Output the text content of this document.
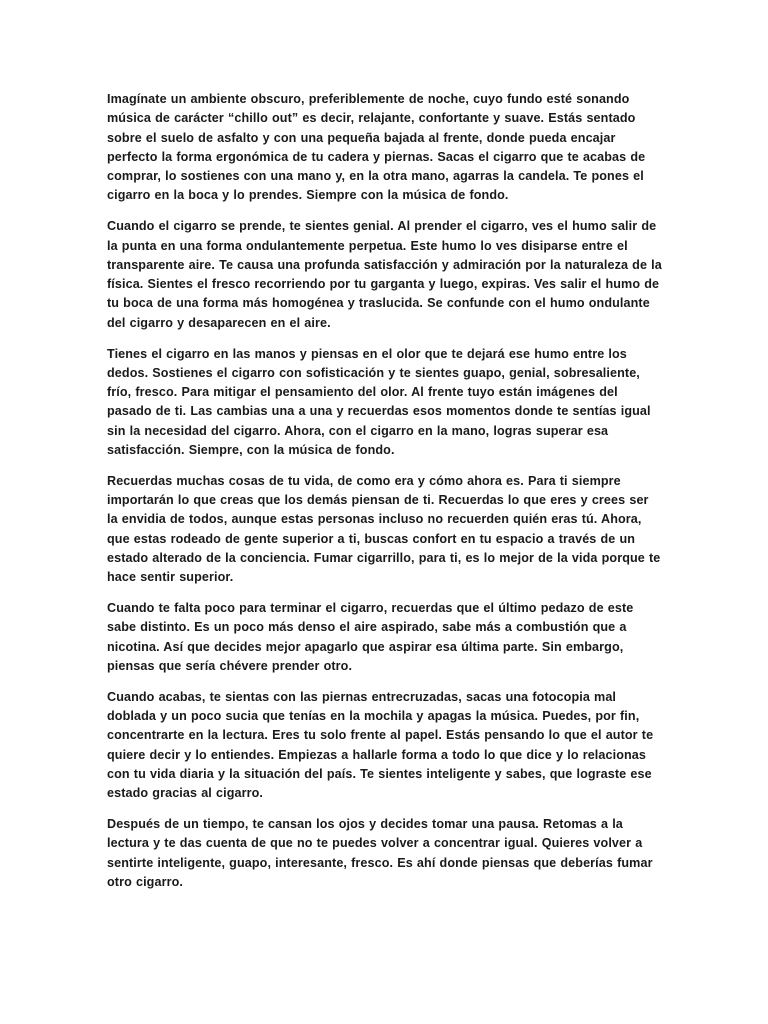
Imagínate un ambiente obscuro, preferiblemente de noche, cuyo fundo esté sonando música de carácter “chillo out” es decir, relajante, confortante y suave. Estás sentado sobre el suelo de asfalto y con una pequeña bajada al frente, donde pueda encajar perfecto la forma ergonómica de tu cadera y piernas. Sacas el cigarro que te acabas de comprar, lo sostienes con una mano y, en la otra mano, agarras la candela. Te pones el cigarro en la boca y lo prendes. Siempre con la música de fondo.

Cuando el cigarro se prende, te sientes genial. Al prender el cigarro, ves el humo salir de la punta en una forma ondulantemente perpetua. Este humo lo ves disiparse entre el transparente aire. Te causa una profunda satisfacción y admiración por la naturaleza de la física. Sientes el fresco recorriendo por tu garganta y luego, expiras. Ves salir el humo de tu boca de una forma más homogénea y traslucida. Se confunde con el humo ondulante del cigarro y desaparecen en el aire.

Tienes el cigarro en las manos y piensas en el olor que te dejará ese humo entre los dedos. Sostienes el cigarro con sofisticación y te sientes guapo, genial, sobresaliente, frío, fresco. Para mitigar el pensamiento del olor. Al frente tuyo están imágenes del pasado de ti. Las cambias una a una y recuerdas esos momentos donde te sentías igual sin la necesidad del cigarro. Ahora, con el cigarro en la mano, logras superar esa satisfacción. Siempre, con la música de fondo.

Recuerdas muchas cosas de tu vida, de como era y cómo ahora es. Para ti siempre importarán lo que creas que los demás piensan de ti. Recuerdas lo que eres y crees ser la envidia de todos, aunque estas personas incluso no recuerden quién eras tú. Ahora, que estas rodeado de gente superior a ti, buscas confort en tu espacio a través de un estado alterado de la conciencia. Fumar cigarrillo, para ti, es lo mejor de la vida porque te hace sentir superior.

Cuando te falta poco para terminar el cigarro, recuerdas que el último pedazo de este sabe distinto. Es un poco más denso el aire aspirado, sabe más a combustión que a nicotina. Así que decides mejor apagarlo que aspirar esa última parte. Sin embargo, piensas que sería chévere prender otro.

Cuando acabas, te sientas con las piernas entrecruzadas, sacas una fotocopia mal doblada y un poco sucia que tenías en la mochila y apagas la música. Puedes, por fin, concentrarte en la lectura. Eres tu solo frente al papel. Estás pensando lo que el autor te quiere decir y lo entiendes. Empiezas a hallarle forma a todo lo que dice y lo relacionas con tu vida diaria y la situación del país. Te sientes inteligente y sabes, que lograste ese estado gracias al cigarro.

Después de un tiempo, te cansan los ojos y decides tomar una pausa. Retomas a la lectura y te das cuenta de que no te puedes volver a concentrar igual. Quieres volver a sentirte inteligente, guapo, interesante, fresco. Es ahí donde piensas que deberías fumar otro cigarro.
